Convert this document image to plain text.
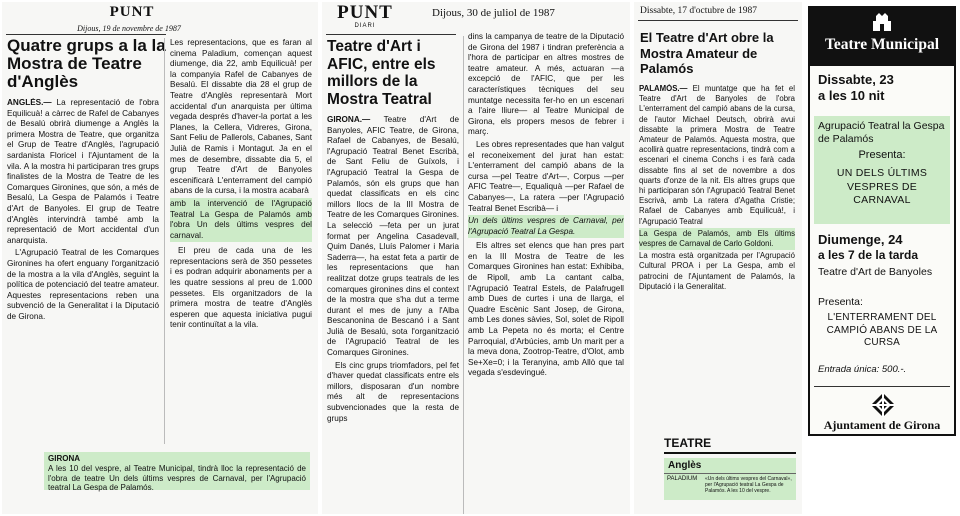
PUNT
Dijous, 19 de novembre de 1987
Quatre grups a la la Mostra de Teatre d'Anglès

ANGLÈS.— La representació de l'obra Equilicuà! a càrrec de Rafel de Cabanyes de Besalú obrirà diumenge a Anglès la primera Mostra de Teatre, que organitza el Grup de Teatre d'Anglès, l'agrupació sardanista Floricel i l'Ajuntament de la vila. A la mostra hi participaran tres grups finalistes de la Mostra de Teatre de les Comarques Gironines, que són, a més de Besalú, La Gespa de Palamós i Teatre d'Art de Banyoles. El grup de Teatre d'Anglès intervindrà també amb la representació de Mort accidental d'un anarquista.

L'Agrupació Teatral de les Comarques Gironines ha ofert enguany l'organització de la mostra a la vila d'Anglès, seguint la política de potenciació del teatre amateur. Aquestes representacions reben una subvenció de la Generalitat i la Diputació de Girona.

Les representacions, que es faran al cinema Paladium, començan aquest diumenge, dia 22, amb Equilicuà! per la companyia Rafel de Cabanyes de Besalú. El dissabte dia 28 el grup de Teatre d'Anglès representarà Mort accidental d'un anarquista per última vegada després d'haver-la portat a les Planes, la Cellera, Vidreres, Girona, Sant Feliu de Pallerols, Cabanes, Sant Julià de Ramis i Montagut. Ja en el mes de desembre, dissabte dia 5, el grup Teatre d'Art de Banyoles escenificarà L'enterrament del campió abans de la cursa, i la mostra acabarà

amb la intervenció de l'Agrupació Teatral La Gespa de Palamós amb l'obra Un dels últims vespres del carnaval.

El preu de cada una de les representacions serà de 350 pessetes i es podran adquirir abonaments per a les quatre sessions al preu de 1.000 pessetes. Els organitzadors de la primera mostra de teatre d'Anglès esperen que aquesta iniciativa pugui tenir continuïtat a la vila.

GIRONA
A les 10 del vespre, al Teatre Municipal, tindrà lloc la representació de l'obra de teatre Un dels últims vespres de Carnaval, per l'Agrupació teatral La Gespa de Palamós.
PUNT
DIARI
Dijous, 30 de juliol de 1987
Teatre d'Art i AFIC, entre els millors de la Mostra Teatral

GIRONA.— Teatre d'Art de Banyoles, AFIC Teatre, de Girona, Rafael de Cabanyes, de Besalú, l'Agrupació Teatral Benet Escribà, de Sant Feliu de Guíxols, i l'Agrupació Teatral la Gespa de Palamós, són els grups que han quedat classificats en els cinc millors llocs de la III Mostra de Teatre de les Comarques Gironines. La selecció —feta per un jurat format per Angelina Casadevall, Quim Danés, Lluís Palomer i Maria Saderra—, ha estat feta a partir de les representacions que han realitzat dotze grups teatrals de les comarques gironines dins el context de la mostra que s'ha dut a terme durant el mes de juny a l'Alba Bescanonina de Bescanó i a Sant Julià de Besalú, sota l'organització de l'Agrupació Teatral de les Comarques Gironines.

Els cinc grups triomfadors, pel fet d'haver quedat classificats entre els millors, disposaran d'un nombre més alt de representacions subvencionades que la resta de grups

dins la campanya de teatre de la Diputació de Girona del 1987 i tindran preferència a l'hora de participar en altres mostres de teatre amateur. A més, actuaran —a excepció de l'AFIC, que per les característiques tècniques del seu muntatge necessita fer-ho en un escenari a l'aire lliure— al Teatre Municipal de Girona, els propers mesos de febrer i març.

Les obres representades que han valgut el reconeixement del jurat han estat: L'enterrament del campió abans de la cursa —pel Teatre d'Art—, Corpus —per AFIC Teatre—, Equaliquà —per Rafael de Cabanyes—, La ratera —per l'Agrupació Teatral Benet Escribà— i

Un dels últims vespres de Carnaval, per l'Agrupació Teatral La Gespa.

Els altres set elencs que han pres part en la III Mostra de Teatre de les Comarques Gironines han estat: Exhibiba, de Ripoll, amb La cantant calba, l'Agrupació Teatral Estels, de Palafrugell amb Dues de curtes i una de llarga, el Quadre Escènic Sant Josep, de Girona, amb Les dones sàvies, Sol, solet de Ripoll amb La Pepeta no és morta; el Centre Parroquial, d'Arbúcies, amb Un marit per a la meva dona, Zootrop-Teatre, d'Olot, amb Se+Xe=0; i la Teranyina, amb Allò que tal vegada s'esdevingué.

Dissabte, 17 d'octubre de 1987
El Teatre d'Art obre la Mostra Amateur de Palamós

PALAMÓS.— El muntatge que ha fet el Teatre d'Art de Banyoles de l'obra L'enterrament del campió abans de la cursa, de l'autor Michael Deutsch, obrirà avui dissabte la primera Mostra de Teatre Amateur de Palamós. Aquesta mostra, que acollirà quatre representacions, tindrà com a escenari el cinema Conchs i es farà cada dissabte fins al set de novembre a dos quarts d'onze de la nit. Els altres grups que hi participaran són l'Agrupació Teatral Benet Escrivà, amb La ratera d'Agatha Cristie; Rafael de Cabanyes amb Equilicuà!, i l'Agrupació Teatral

La Gespa de Palamós, amb Els últims vespres de Carnaval de Carlo Goldoni.

La mostra està organitzada per l'Agrupació Cultural PROA i per La Gespa, amb el patrocini de l'Ajuntament de Palamós, la Diputació i la Generalitat.

TEATRE
Anglès
PALADIUM	«Un dels últims vespres del Carnaval», per l'Agrupació teatral La Gespa de Palamós. A les 10 del vespre.
Teatre Municipal
Dissabte, 23
a les 10 nit
Agrupació Teatral la Gespa de Palamós
Presenta:
UN DELS ÚLTIMS VESPRES DE CARNAVAL
Diumenge, 24
a les 7 de la tarda
Teatre d'Art de Banyoles
Presenta:
L'ENTERRAMENT DEL CAMPIÓ ABANS DE LA CURSA
Entrada única: 500.-.
Ajuntament de Girona
